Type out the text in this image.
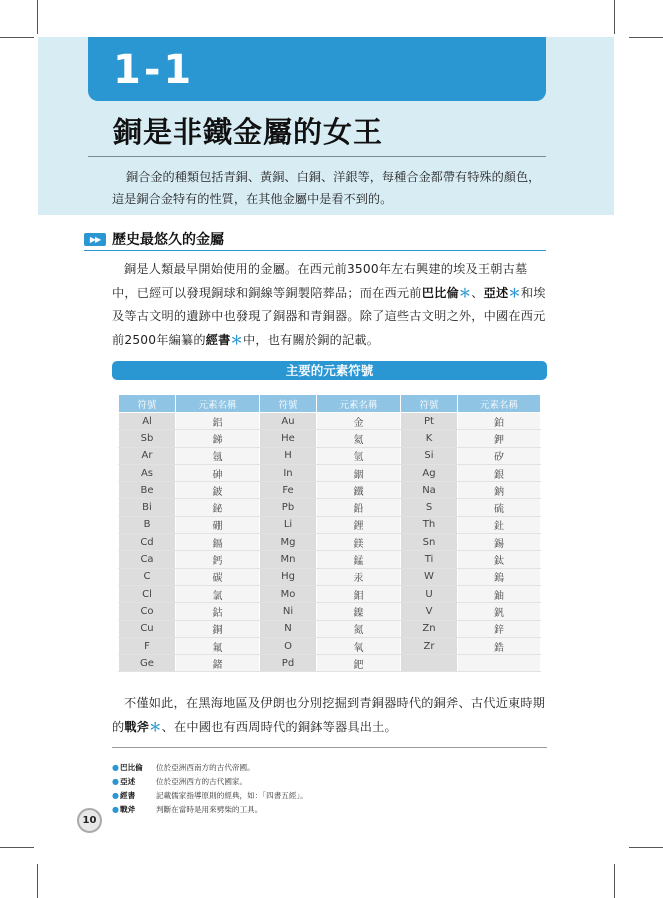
1-1
銅是非鐵金屬的女王

銅合金的種類包括青銅、黃銅、白銅、洋銀等，每種合金都帶有特殊的顏色，這是銅合金特有的性質，在其他金屬中是看不到的。

▶▶ 歷史最悠久的金屬

銅是人類最早開始使用的金屬。在西元前3500年左右興建的埃及王朝古墓中，已經可以發現銅球和銅線等銅製陪葬品；而在西元前巴比倫＊、亞述＊和埃及等古文明的遺跡中也發現了銅器和青銅器。除了這些古文明之外，中國在西元前2500年編纂的經書＊中，也有關於銅的記載。

主要的元素符號
符號	元素名稱	符號	元素名稱	符號	元素名稱
Al	鋁	Au	金	Pt	鉑
Sb	銻	He	氦	K	鉀
Ar	氬	H	氫	Si	矽
As	砷	In	銦	Ag	銀
Be	鈹	Fe	鐵	Na	鈉
Bi	鉍	Pb	鉛	S	硫
B	硼	Li	鋰	Th	釷
Cd	鎘	Mg	鎂	Sn	錫
Ca	鈣	Mn	錳	Ti	鈦
C	碳	Hg	汞	W	鎢
Cl	氯	Mo	鉬	U	鈾
Co	鈷	Ni	鎳	V	釩
Cu	銅	N	氮	Zn	鋅
F	氟	O	氧	Zr	鋯
Ge	鍺	Pd	鈀		

不僅如此，在黑海地區及伊朗也分別挖掘到青銅器時代的銅斧、古代近東時期的戰斧＊、在中國也有西周時代的銅鉢等器具出土。

● 巴比倫 位於亞洲西南方的古代帝國。
● 亞述	位於亞洲西方的古代國家。
● 經書	記載儒家指導原則的經典，如：「四書五經」。
● 戰斧	判斷在當時是用來劈柴的工具。
10
